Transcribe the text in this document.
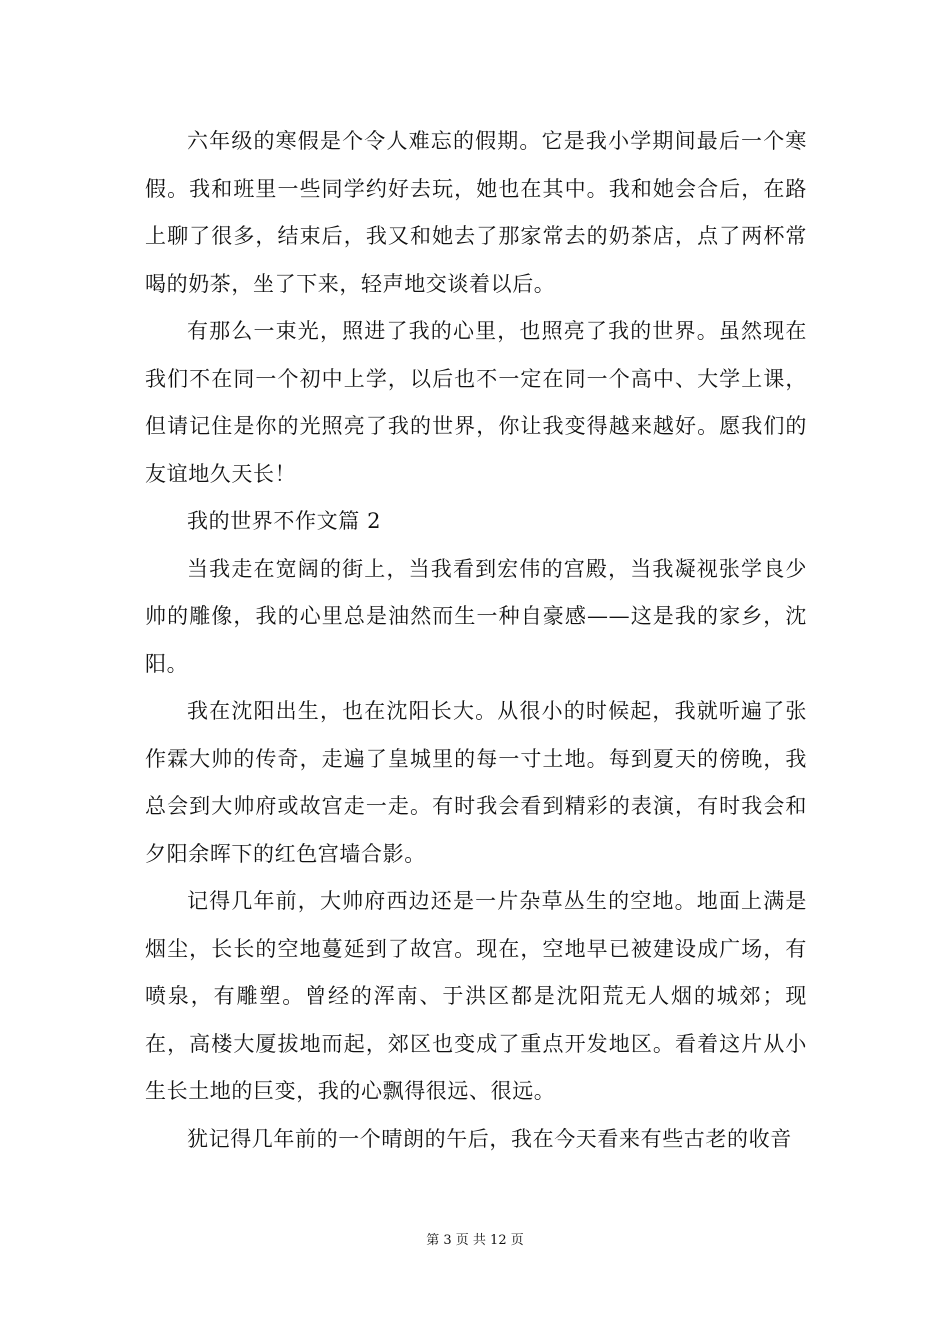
六年级的寒假是个令人难忘的假期。它是我小学期间最后一个寒假。我和班里一些同学约好去玩，她也在其中。我和她会合后，在路上聊了很多，结束后，我又和她去了那家常去的奶茶店，点了两杯常喝的奶茶，坐了下来，轻声地交谈着以后。

有那么一束光，照进了我的心里，也照亮了我的世界。虽然现在我们不在同一个初中上学，以后也不一定在同一个高中、大学上课，但请记住是你的光照亮了我的世界，你让我变得越来越好。愿我们的友谊地久天长！

我的世界不作文篇 2

当我走在宽阔的街上，当我看到宏伟的宫殿，当我凝视张学良少帅的雕像，我的心里总是油然而生一种自豪感——这是我的家乡，沈阳。

我在沈阳出生，也在沈阳长大。从很小的时候起，我就听遍了张作霖大帅的传奇，走遍了皇城里的每一寸土地。每到夏天的傍晚，我总会到大帅府或故宫走一走。有时我会看到精彩的表演，有时我会和夕阳余晖下的红色宫墙合影。

记得几年前，大帅府西边还是一片杂草丛生的空地。地面上满是烟尘，长长的空地蔓延到了故宫。现在，空地早已被建设成广场，有喷泉，有雕塑。曾经的浑南、于洪区都是沈阳荒无人烟的城郊；现在，高楼大厦拔地而起，郊区也变成了重点开发地区。看着这片从小生长土地的巨变，我的心飘得很远、很远。

犹记得几年前的一个晴朗的午后，我在今天看来有些古老的收音

第 3 页 共 12 页
